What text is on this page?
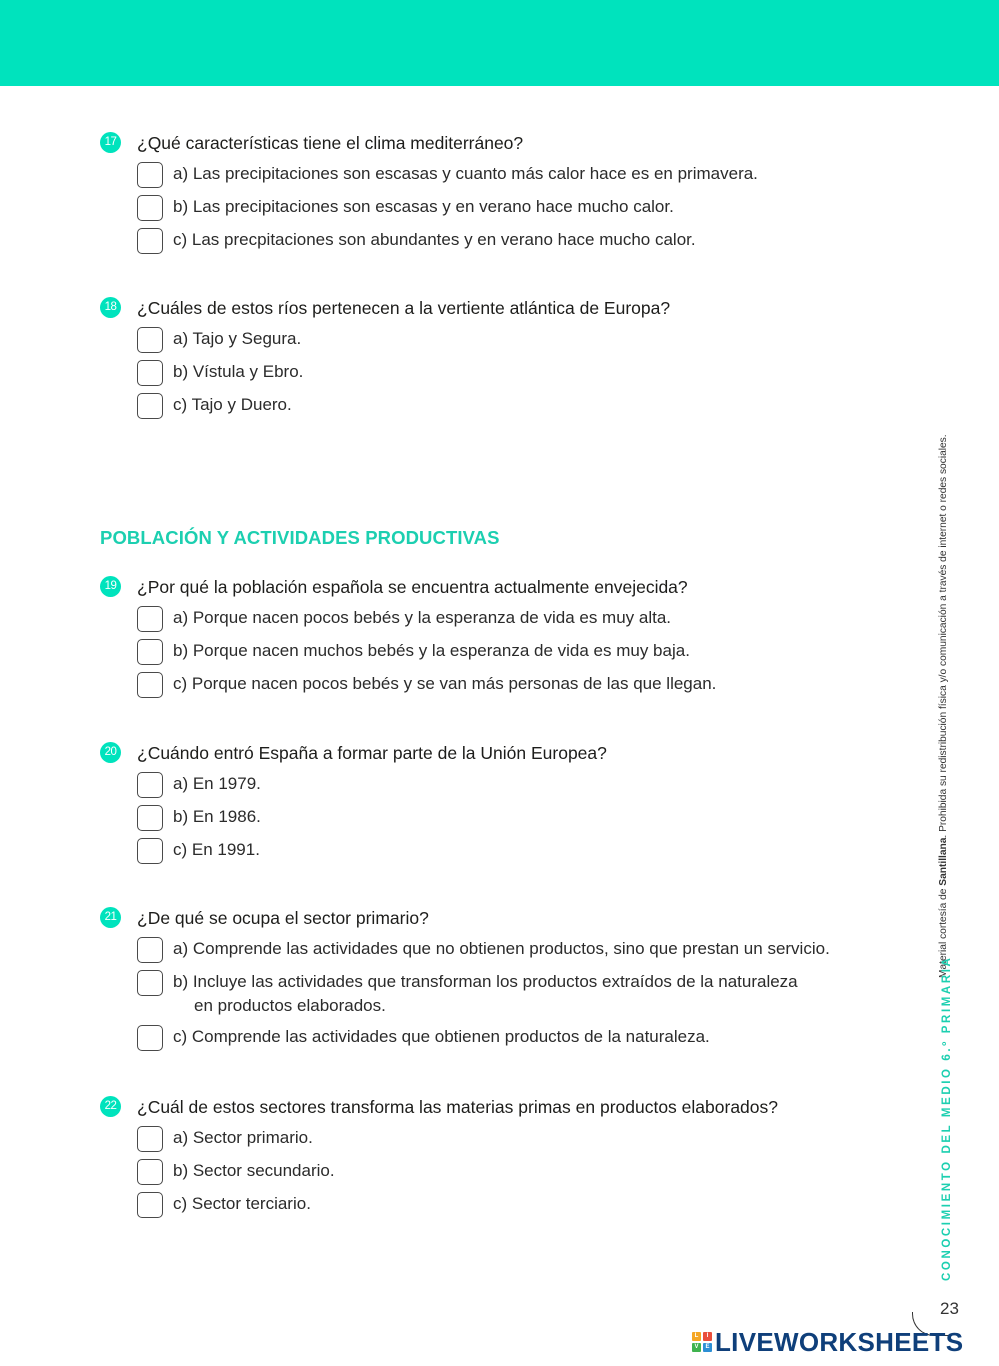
17 ¿Qué características tiene el clima mediterráneo?
a) Las precipitaciones son escasas y cuanto más calor hace es en primavera.
b) Las precipitaciones son escasas y en verano hace mucho calor.
c) Las precpitaciones son abundantes y en verano hace mucho calor.
18 ¿Cuáles de estos ríos pertenecen a la vertiente atlántica de Europa?
a) Tajo y Segura.
b) Vístula y Ebro.
c) Tajo y Duero.
POBLACIÓN Y ACTIVIDADES PRODUCTIVAS
19 ¿Por qué la población española se encuentra actualmente envejecida?
a) Porque nacen pocos bebés y la esperanza de vida es muy alta.
b) Porque nacen muchos bebés y la esperanza de vida es muy baja.
c) Porque nacen pocos bebés y se van más personas de las que llegan.
20 ¿Cuándo entró España a formar parte de la Unión Europea?
a) En 1979.
b) En 1986.
c) En 1991.
21 ¿De qué se ocupa el sector primario?
a) Comprende las actividades que no obtienen productos, sino que prestan un servicio.
b) Incluye las actividades que transforman los productos extraídos de la naturaleza
en productos elaborados.
c) Comprende las actividades que obtienen productos de la naturaleza.
22 ¿Cuál de estos sectores transforma las materias primas en productos elaborados?
a) Sector primario.
b) Sector secundario.
c) Sector terciario.
Material cortesía de Santillana. Prohibida su redistribución física y/o comunicación a través de internet o redes sociales.
CONOCIMIENTO DEL MEDIO 6.º PRIMARIA
23
L	I
V	E LIVEWORKSHEETS
